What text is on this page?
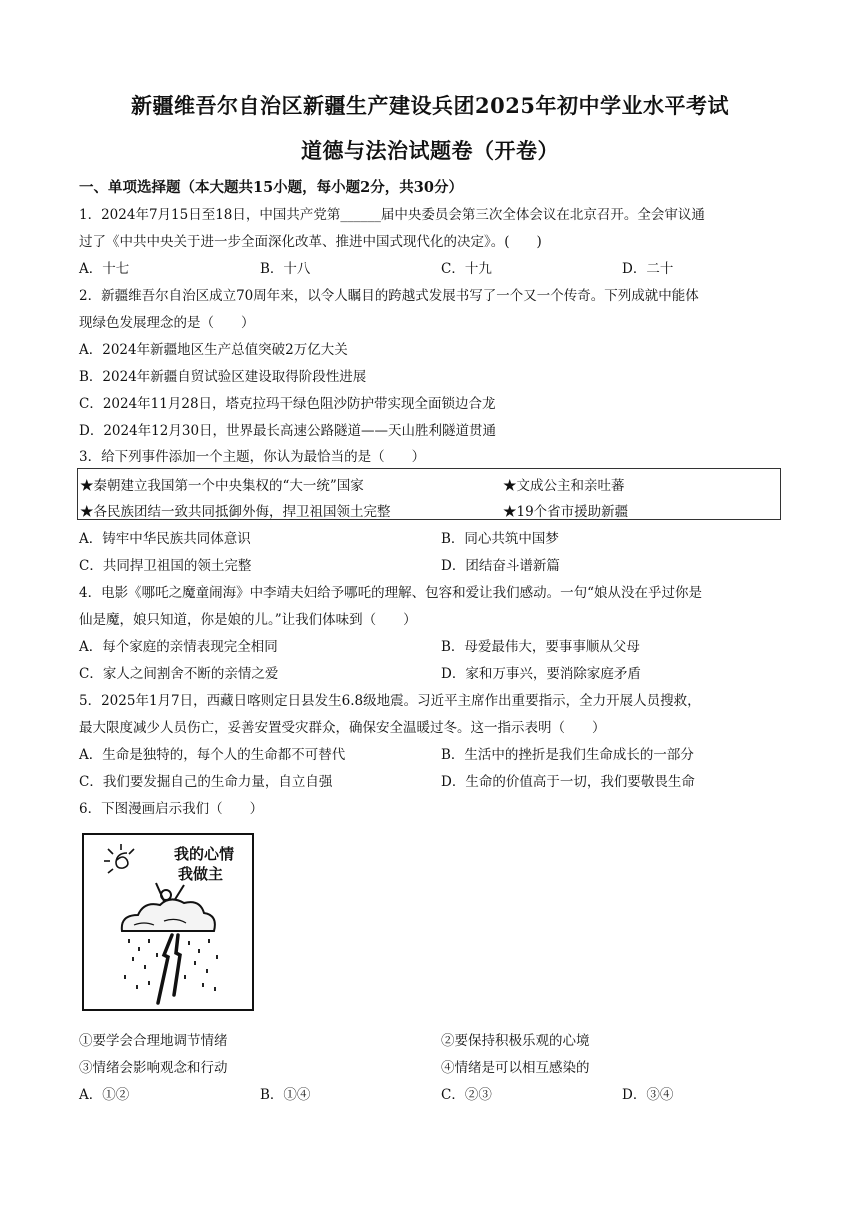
新疆维吾尔自治区新疆生产建设兵团2025年初中学业水平考试
道德与法治试题卷（开卷）
一、单项选择题（本大题共15小题，每小题2分，共30分）
1．2024年7月15日至18日，中国共产党第______届中央委员会第三次全体会议在北京召开。全会审议通
过了《中共中央关于进一步全面深化改革、推进中国式现代化的决定》。(　　)
A．十七	B．十八	C．十九	D．二十
2．新疆维吾尔自治区成立70周年来，以令人瞩目的跨越式发展书写了一个又一个传奇。下列成就中能体
现绿色发展理念的是（　　）
A．2024年新疆地区生产总值突破2万亿大关
B．2024年新疆自贸试验区建设取得阶段性进展
C．2024年11月28日，塔克拉玛干绿色阻沙防护带实现全面锁边合龙
D．2024年12月30日，世界最长高速公路隧道——天山胜利隧道贯通
3．给下列事件添加一个主题，你认为最恰当的是（　　）
★秦朝建立我国第一个中央集权的“大一统”国家	★文成公主和亲吐蕃
★各民族团结一致共同抵御外侮，捍卫祖国领土完整	★19个省市援助新疆
A．铸牢中华民族共同体意识	B．同心共筑中国梦
C．共同捍卫祖国的领土完整	D．团结奋斗谱新篇
4．电影《哪吒之魔童闹海》中李靖夫妇给予哪吒的理解、包容和爱让我们感动。一句“娘从没在乎过你是
仙是魔，娘只知道，你是娘的儿。”让我们体味到（　　）
A．每个家庭的亲情表现完全相同	B．母爱最伟大，要事事顺从父母
C．家人之间割舍不断的亲情之爱	D．家和万事兴，要消除家庭矛盾
5．2025年1月7日，西藏日喀则定日县发生6.8级地震。习近平主席作出重要指示，全力开展人员搜救，
最大限度减少人员伤亡，妥善安置受灾群众，确保安全温暖过冬。这一指示表明（　　）
A．生命是独特的，每个人的生命都不可替代	B．生活中的挫折是我们生命成长的一部分
C．我们要发掘自己的生命力量，自立自强	D．生命的价值高于一切，我们要敬畏生命
6．下图漫画启示我们（　　）
我的心情
我做主
①要学会合理地调节情绪	②要保持积极乐观的心境
③情绪会影响观念和行动	④情绪是可以相互感染的
A．①②	B．①④	C．②③	D．③④
